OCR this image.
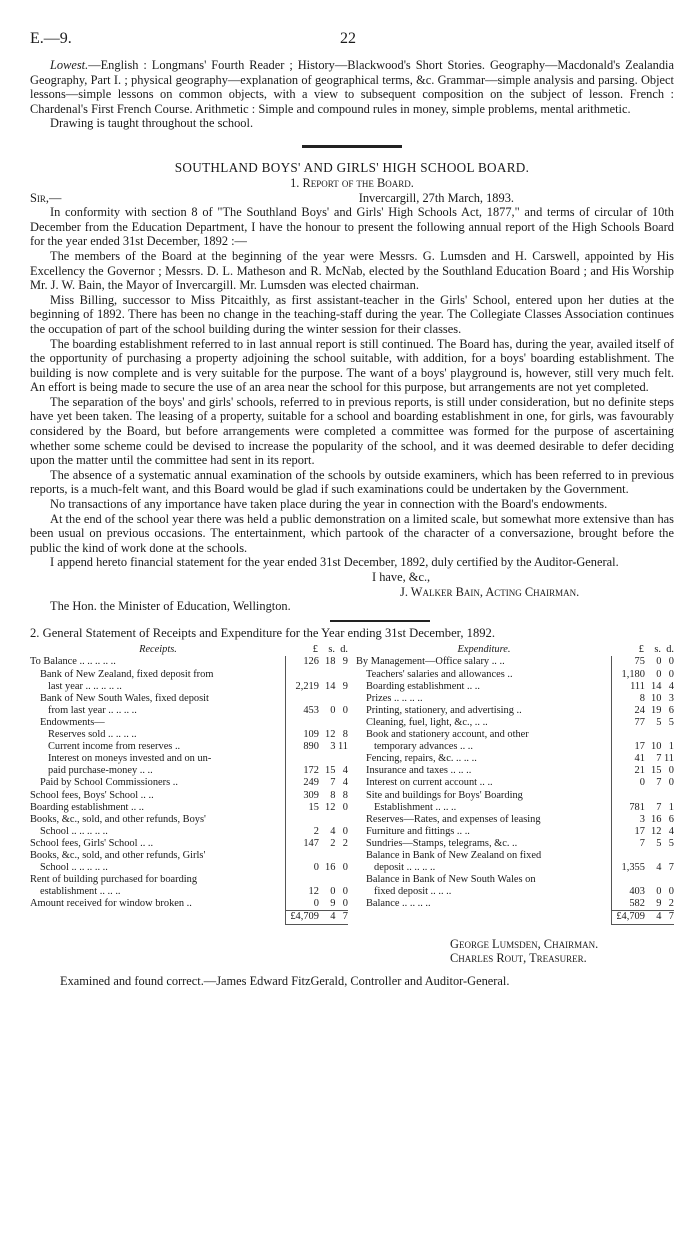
E.—9.	22

Lowest.—English : Longmans' Fourth Reader ; History—Blackwood's Short Stories. Geography—Macdonald's Zealandia Geography, Part I. ; physical geography—explanation of geographical terms, &c. Grammar—simple analysis and parsing. Object lessons—simple lessons on common objects, with a view to subsequent composition on the subject of lesson. French : Chardenal's First French Course. Arithmetic : Simple and compound rules in money, simple problems, mental arithmetic.

Drawing is taught throughout the school.

SOUTHLAND BOYS' AND GIRLS' HIGH SCHOOL BOARD.

1. Report of the Board.

Sir,—	Invercargill, 27th March, 1893.

In conformity with section 8 of "The Southland Boys' and Girls' High Schools Act, 1877," and terms of circular of 10th December from the Education Department, I have the honour to present the following annual report of the High Schools Board for the year ended 31st December, 1892 :—

The members of the Board at the beginning of the year were Messrs. G. Lumsden and H. Carswell, appointed by His Excellency the Governor ; Messrs. D. L. Matheson and R. McNab, elected by the Southland Education Board ; and His Worship Mr. J. W. Bain, the Mayor of Invercargill. Mr. Lumsden was elected chairman.

Miss Billing, successor to Miss Pitcaithly, as first assistant-teacher in the Girls' School, entered upon her duties at the beginning of 1892. There has been no change in the teaching-staff during the year. The Collegiate Classes Association continues the occupation of part of the school building during the winter session for their classes.

The boarding establishment referred to in last annual report is still continued. The Board has, during the year, availed itself of the opportunity of purchasing a property adjoining the school suitable, with addition, for a boys' boarding establishment. The building is now complete and is very suitable for the purpose. The want of a boys' playground is, however, still very much felt. An effort is being made to secure the use of an area near the school for this purpose, but arrangements are not yet completed.

The separation of the boys' and girls' schools, referred to in previous reports, is still under consideration, but no definite steps have yet been taken. The leasing of a property, suitable for a school and boarding establishment in one, for girls, was favourably considered by the Board, but before arrangements were completed a committee was formed for the purpose of ascertaining whether some scheme could be devised to increase the popularity of the school, and it was deemed desirable to defer deciding upon the matter until the committee had sent in its report.

The absence of a systematic annual examination of the schools by outside examiners, which has been referred to in previous reports, is a much-felt want, and this Board would be glad if such examinations could be undertaken by the Government.

No transactions of any importance have taken place during the year in connection with the Board's endowments.

At the end of the school year there was held a public demonstration on a limited scale, but somewhat more extensive than has been usual on previous occasions. The entertainment, which partook of the character of a conversazione, brought before the public the kind of work done at the schools.

I append hereto financial statement for the year ended 31st December, 1892, duly certified by the Auditor-General.

I have, &c.,
J. Walker Bain, Acting Chairman.
The Hon. the Minister of Education, Wellington.

2. General Statement of Receipts and Expenditure for the Year ending 31st December, 1892.

Receipts.	£ s. d.
To Balance .. .. .. .. ..	126 18 9
Bank of New Zealand, fixed deposit from
last year .. .. .. .. ..	2,219 14 9
Bank of New South Wales, fixed deposit
from last year .. .. .. ..	453	0 0
Endowments—
Reserves sold .. .. .. ..	109 12 8
Current income from reserves ..	890	3 11
Interest on moneys invested and on un-
paid purchase-money .. ..	172 15 4
Paid by School Commissioners ..	249	7 4
School fees, Boys' School .. ..	309	8 8
Boarding establishment .. ..	15 12 0
Books, &c., sold, and other refunds, Boys'
School .. .. .. .. ..	2	4 0
School fees, Girls' School .. ..	147	2 2
Books, &c., sold, and other refunds, Girls'
School .. .. .. .. ..	0 16 0
Rent of building purchased for boarding
establishment .. .. ..	12	0 0
Amount received for window broken ..	0	9 0
£4,709	4 7
Expenditure.	£ s. d.
By Management—Office salary .. ..	75	0 0
Teachers' salaries and allowances ..	1,180	0 0
Boarding establishment .. ..	111 14 4
Prizes .. .. .. ..	8 10 3
Printing, stationery, and advertising ..	24 19 6
Cleaning, fuel, light, &c., .. ..	77	5 5
Book and stationery account, and other
temporary advances .. ..	17 10 1
Fencing, repairs, &c. .. .. ..	41	7 11
Insurance and taxes .. .. ..	21 15 0
Interest on current account .. ..	0	7 0
Site and buildings for Boys' Boarding
Establishment .. .. ..	781	7 1
Reserves—Rates, and expenses of leasing	3 16 6
Furniture and fittings .. ..	17 12 4
Sundries—Stamps, telegrams, &c. ..	7	5 5
Balance in Bank of New Zealand on fixed
deposit .. .. .. ..	1,355	4 7
Balance in Bank of New South Wales on
fixed deposit .. .. ..	403	0 0
Balance .. .. .. ..	582	9 2
£4,709	4 7
George Lumsden, Chairman.
Charles Rout, Treasurer.
Examined and found correct.—James Edward FitzGerald, Controller and Auditor-General.
